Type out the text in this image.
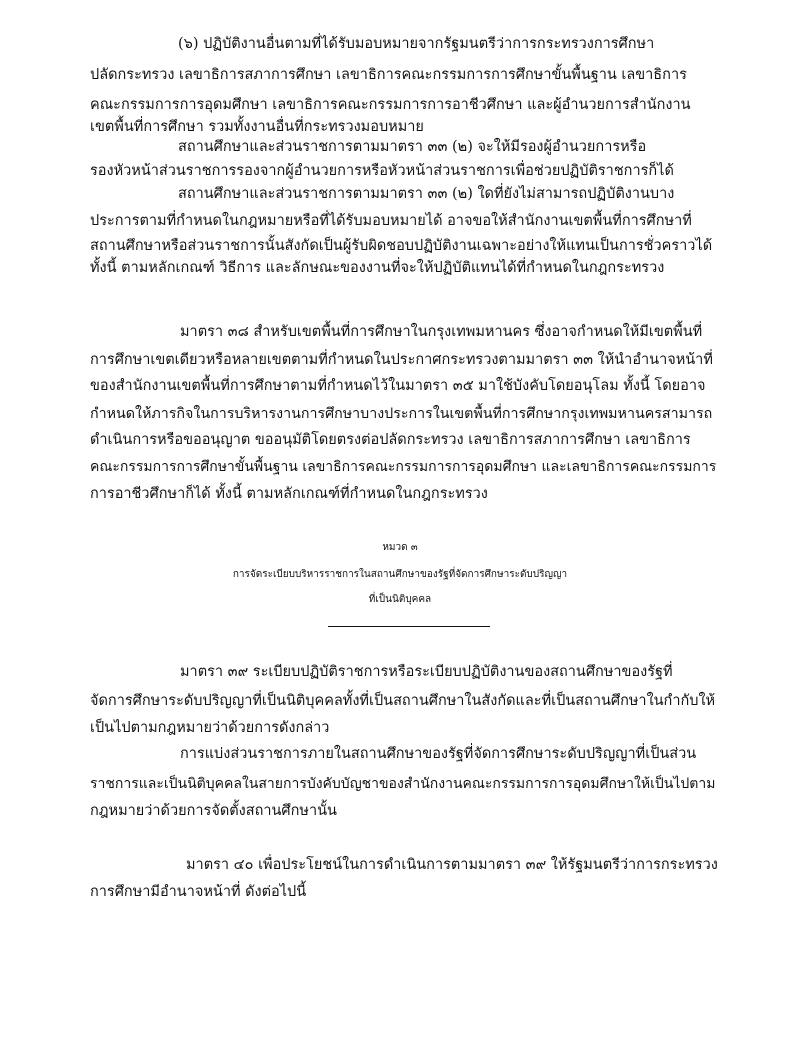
(๖) ปฏิบัติงานอื่นตามที่ได้รับมอบหมายจากรัฐมนตรีว่าการกระทรวงการศึกษา
ปลัดกระทรวง เลขาธิการสภาการศึกษา เลขาธิการคณะกรรมการการศึกษาขั้นพื้นฐาน เลขาธิการ
คณะกรรมการการอุดมศึกษา เลขาธิการคณะกรรมการการอาชีวศึกษา และผู้อำนวยการสำนักงาน
เขตพื้นที่การศึกษา รวมทั้งงานอื่นที่กระทรวงมอบหมาย
สถานศึกษาและส่วนราชการตามมาตรา ๓๓ (๒) จะให้มีรองผู้อำนวยการหรือ
รองหัวหน้าส่วนราชการรองจากผู้อำนวยการหรือหัวหน้าส่วนราชการเพื่อช่วยปฏิบัติราชการก็ได้
สถานศึกษาและส่วนราชการตามมาตรา ๓๓ (๒) ใดที่ยังไม่สามารถปฏิบัติงานบาง
ประการตามที่กำหนดในกฎหมายหรือที่ได้รับมอบหมายได้ อาจขอให้สำนักงานเขตพื้นที่การศึกษาที่
สถานศึกษาหรือส่วนราชการนั้นสังกัดเป็นผู้รับผิดชอบปฏิบัติงานเฉพาะอย่างให้แทนเป็นการชั่วคราวได้
ทั้งนี้ ตามหลักเกณฑ์ วิธีการ และลักษณะของงานที่จะให้ปฏิบัติแทนได้ที่กำหนดในกฎกระทรวง
มาตรา ๓๘ สำหรับเขตพื้นที่การศึกษาในกรุงเทพมหานคร ซึ่งอาจกำหนดให้มีเขตพื้นที่
การศึกษาเขตเดียวหรือหลายเขตตามที่กำหนดในประกาศกระทรวงตามมาตรา ๓๓ ให้นำอำนาจหน้าที่
ของสำนักงานเขตพื้นที่การศึกษาตามที่กำหนดไว้ในมาตรา ๓๕ มาใช้บังคับโดยอนุโลม ทั้งนี้ โดยอาจ
กำหนดให้ภารกิจในการบริหารงานการศึกษาบางประการในเขตพื้นที่การศึกษากรุงเทพมหานครสามารถ
ดำเนินการหรือขออนุญาต ขออนุมัติโดยตรงต่อปลัดกระทรวง เลขาธิการสภาการศึกษา เลขาธิการ
คณะกรรมการการศึกษาขั้นพื้นฐาน เลขาธิการคณะกรรมการการอุดมศึกษา และเลขาธิการคณะกรรมการ
การอาชีวศึกษาก็ได้ ทั้งนี้ ตามหลักเกณฑ์ที่กำหนดในกฎกระทรวง
หมวด ๓
การจัดระเบียบบริหารราชการในสถานศึกษาของรัฐที่จัดการศึกษาระดับปริญญา
ที่เป็นนิติบุคคล
มาตรา ๓๙ ระเบียบปฏิบัติราชการหรือระเบียบปฏิบัติงานของสถานศึกษาของรัฐที่
จัดการศึกษาระดับปริญญาที่เป็นนิติบุคคลทั้งที่เป็นสถานศึกษาในสังกัดและที่เป็นสถานศึกษาในกำกับให้
เป็นไปตามกฎหมายว่าด้วยการดังกล่าว
การแบ่งส่วนราชการภายในสถานศึกษาของรัฐที่จัดการศึกษาระดับปริญญาที่เป็นส่วน
ราชการและเป็นนิติบุคคลในสายการบังคับบัญชาของสำนักงานคณะกรรมการการอุดมศึกษาให้เป็นไปตาม
กฎหมายว่าด้วยการจัดตั้งสถานศึกษานั้น
มาตรา ๔๐ เพื่อประโยชน์ในการดำเนินการตามมาตรา ๓๙ ให้รัฐมนตรีว่าการกระทรวง
การศึกษามีอำนาจหน้าที่ ดังต่อไปนี้
